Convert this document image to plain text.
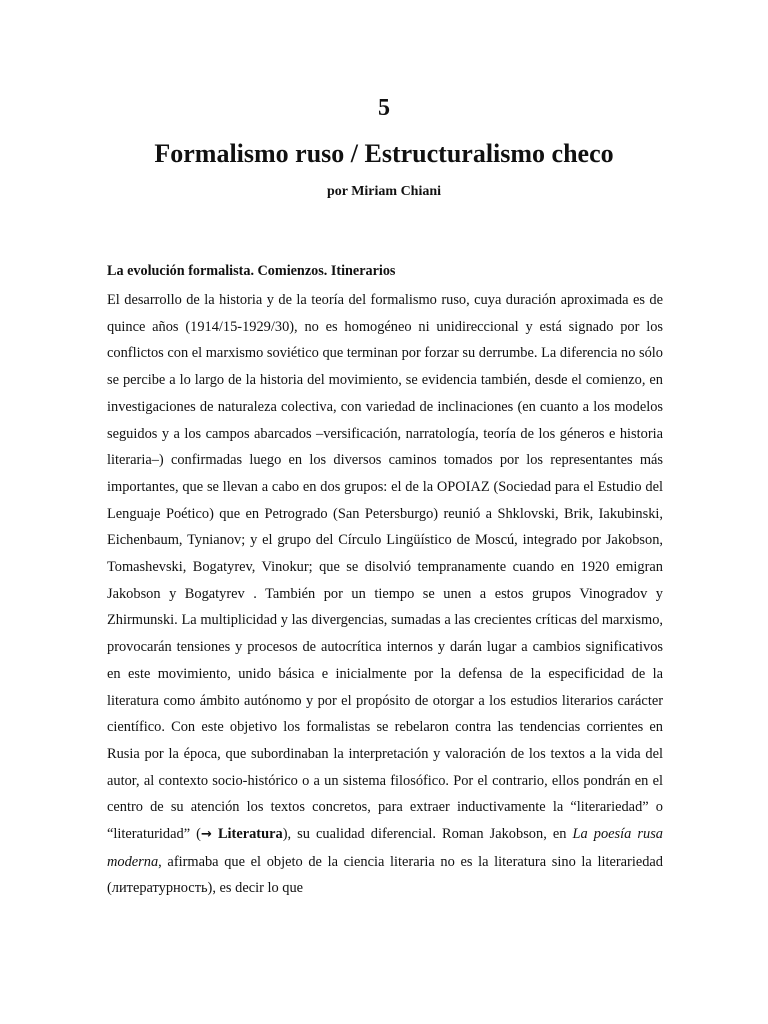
5
Formalismo ruso / Estructuralismo checo
por Miriam Chiani
La evolución formalista. Comienzos. Itinerarios

El desarrollo de la historia y de la teoría del formalismo ruso, cuya duración aproximada es de quince años (1914/15-1929/30), no es homogéneo ni unidireccional y está signado por los conflictos con el marxismo soviético que terminan por forzar su derrumbe. La diferencia no sólo se percibe a lo largo de la historia del movimiento, se evidencia también, desde el comienzo, en investigaciones de naturaleza colectiva, con variedad de inclinaciones (en cuanto a los modelos seguidos y a los campos abarcados –versificación, narratología, teoría de los géneros e historia literaria–) confirmadas luego en los diversos caminos tomados por los representantes más importantes, que se llevan a cabo en dos grupos: el de la OPOIAZ (Sociedad para el Estudio del Lenguaje Poético) que en Petrogrado (San Petersburgo) reunió a Shklovski, Brik, Iakubinski, Eichenbaum, Tynianov; y el grupo del Círculo Lingüístico de Moscú, integrado por Jakobson, Tomashevski, Bogatyrev, Vinokur; que se disolvió tempranamente cuando en 1920 emigran Jakobson y Bogatyrev . También por un tiempo se unen a estos grupos Vinogradov y Zhirmunski. La multiplicidad y las divergencias, sumadas a las crecientes críticas del marxismo, provocarán tensiones y procesos de autocrítica internos y darán lugar a cambios significativos en este movimiento, unido básica e inicialmente por la defensa de la especificidad de la literatura como ámbito autónomo y por el propósito de otorgar a los estudios literarios carácter científico. Con este objetivo los formalistas se rebelaron contra las tendencias corrientes en Rusia por la época, que subordinaban la interpretación y valoración de los textos a la vida del autor, al contexto socio-histórico o a un sistema filosófico. Por el contrario, ellos pondrán en el centro de su atención los textos concretos, para extraer inductivamente la “literariedad” o “literaturidad” (→ Literatura), su cualidad diferencial. Roman Jakobson, en La poesía rusa moderna, afirmaba que el objeto de la ciencia literaria no es la literatura sino la literariedad (литературность), es decir lo que
